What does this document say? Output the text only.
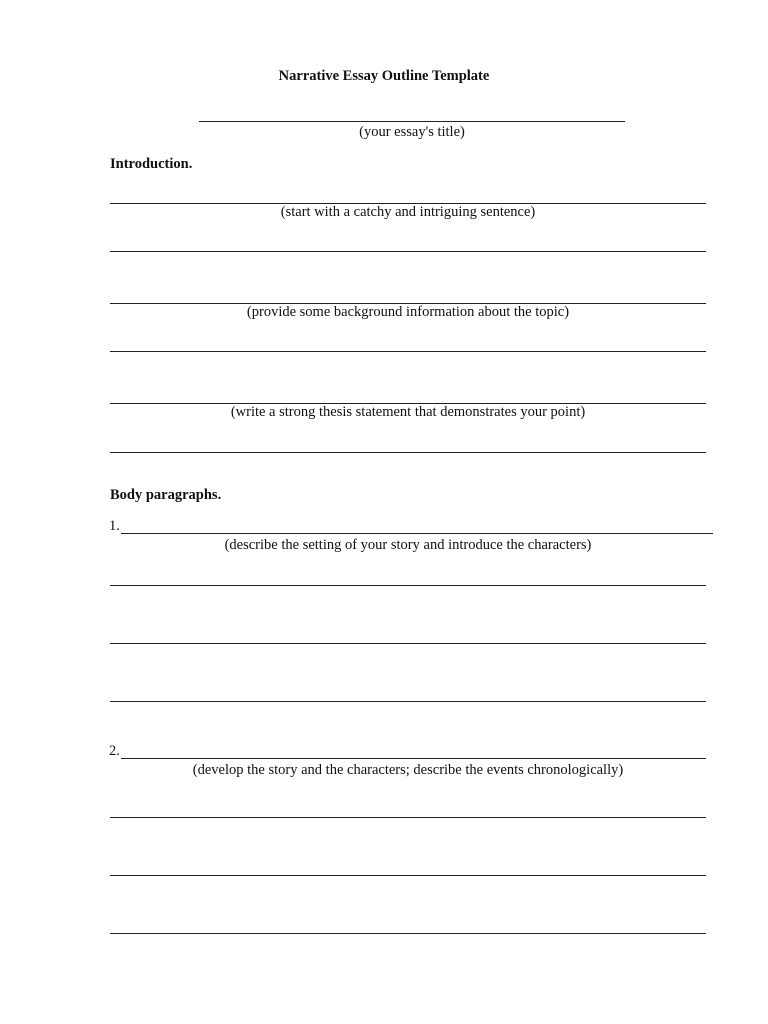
Narrative Essay Outline Template
(your essay's title)
Introduction.
(start with a catchy and intriguing sentence)
(provide some background information about the topic)
(write a strong thesis statement that demonstrates your point)
Body paragraphs.
1.
(describe the setting of your story and introduce the characters)
2.
(develop the story and the characters; describe the events chronologically)
